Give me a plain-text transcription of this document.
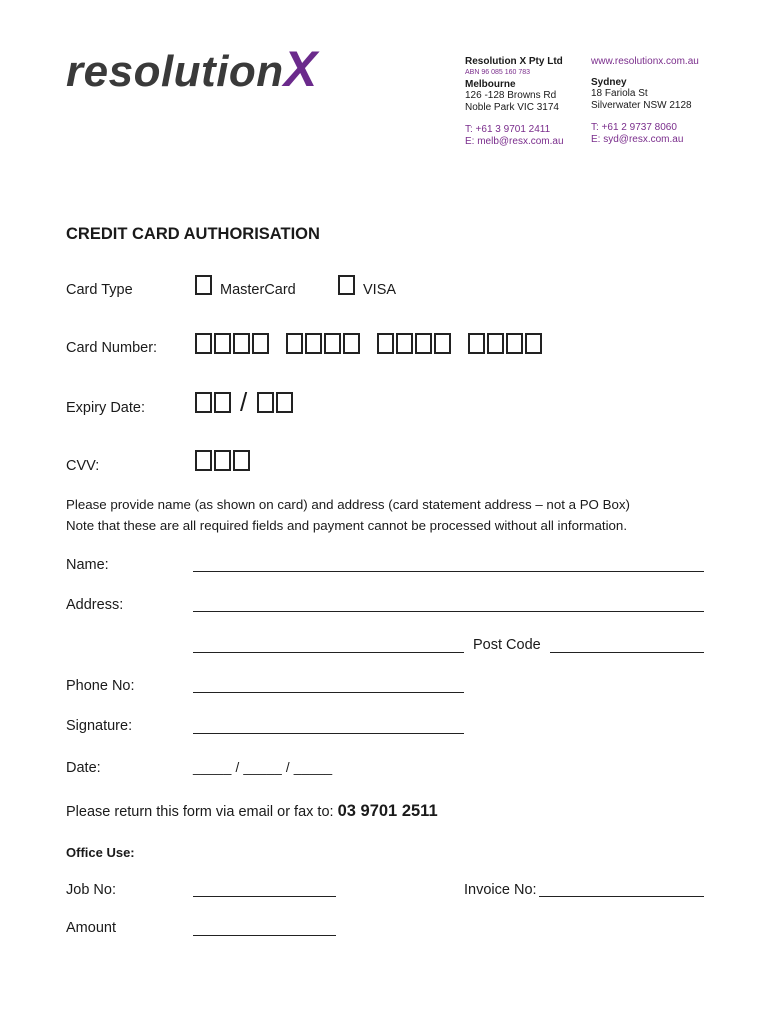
resolutionX	Resolution X Pty Ltd
ABN 96 085 160 783
Melbourne
126 -128 Browns Rd
Noble Park VIC 3174
T: +61 3 9701 2411
E: melb@resx.com.au
www.resolutionx.com.au
Sydney
18 Fariola St
Silverwater NSW 2128
T: +61 2 9737 8060
E: syd@resx.com.au
CREDIT CARD AUTHORISATION
Card Type	MasterCard	VISA
Card Number:
Expiry Date:	/
CVV:
Please provide name (as shown on card) and address (card statement address – not a PO Box)
Note that these are all required fields and payment cannot be processed without all information.
Name:
Address:
Post Code
Phone No:
Signature:
Date:	_____ / _____ / _____
Please return this form via email or fax to: 03 9701 2511
Office Use:
Job No:	Invoice No:
Amount
